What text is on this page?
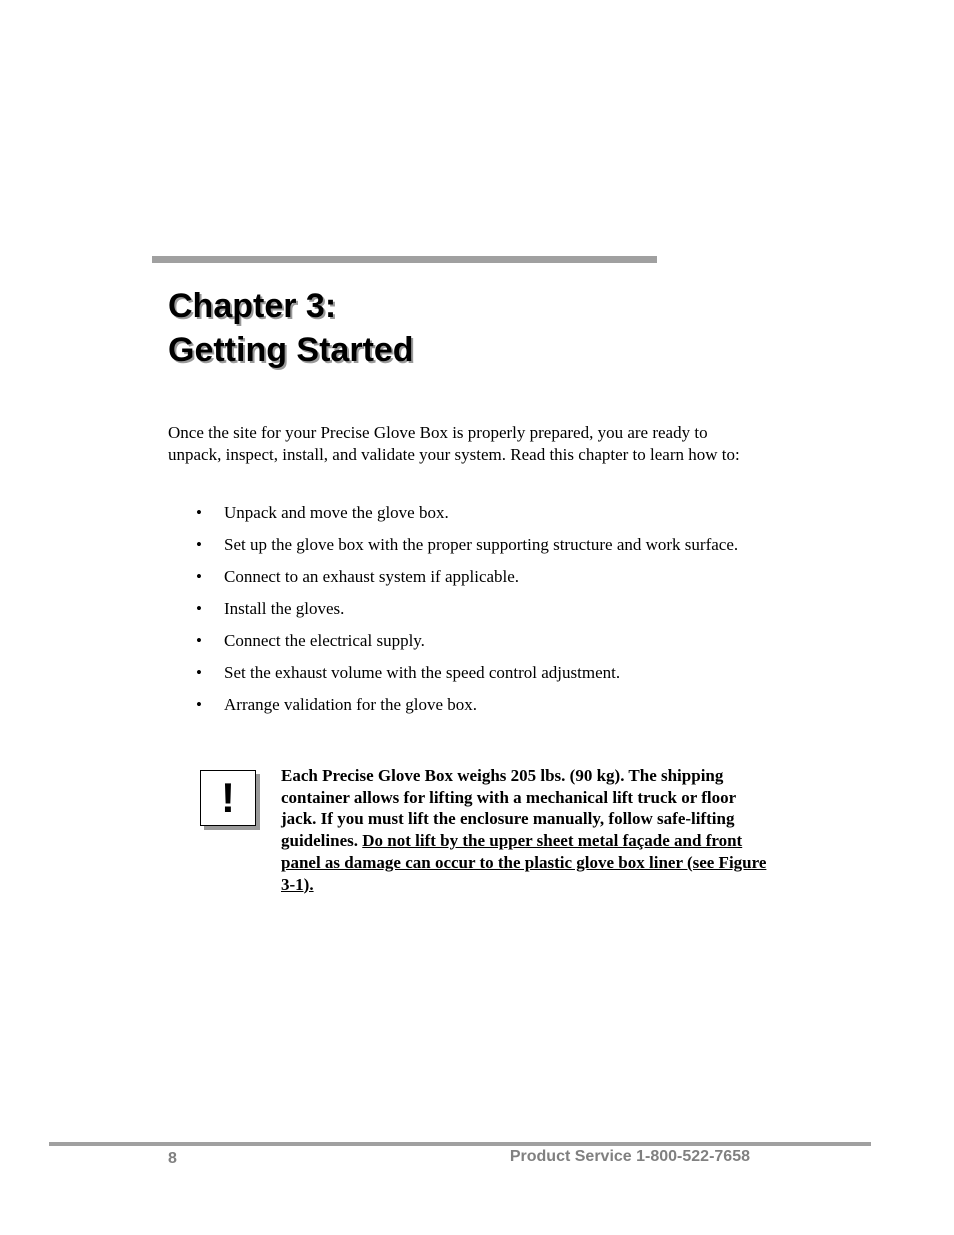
Chapter 3:
Getting Started

Once the site for your Precise Glove Box is properly prepared, you are ready to unpack, inspect, install, and validate your system. Read this chapter to learn how to:

• Unpack and move the glove box.
• Set up the glove box with the proper supporting structure and work surface.
• Connect to an exhaust system if applicable.
• Install the gloves.
• Connect the electrical supply.
• Set the exhaust volume with the speed control adjustment.
• Arrange validation for the glove box.
!	Each Precise Glove Box weighs 205 lbs. (90 kg). The shipping container allows for lifting with a mechanical lift truck or floor jack. If you must lift the enclosure manually, follow safe-lifting guidelines. Do not lift by the upper sheet metal façade and front panel as damage can occur to the plastic glove box liner (see Figure 3-1).

8	Product Service 1-800-522-7658
